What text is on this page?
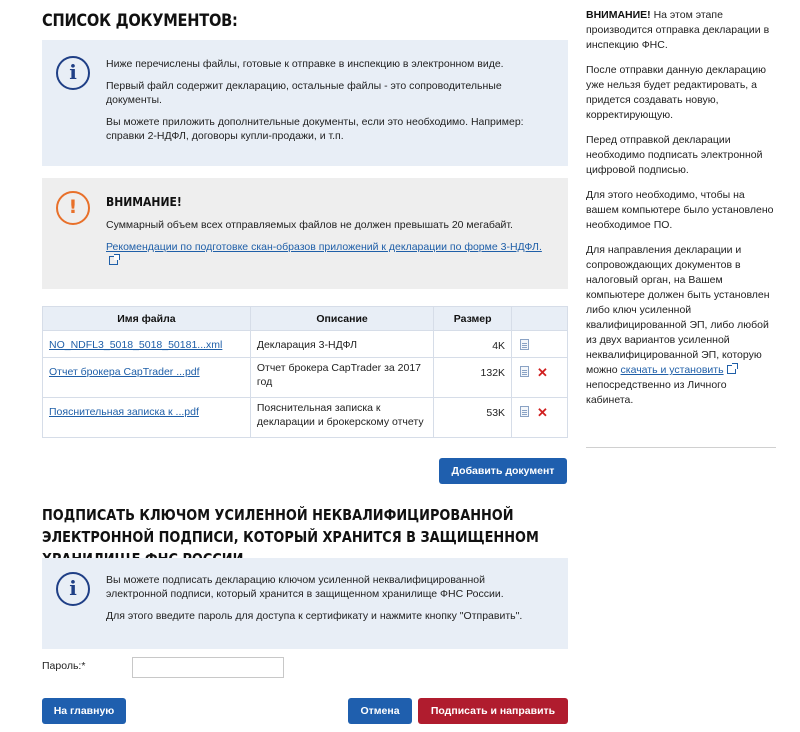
СПИСОК ДОКУМЕНТОВ:
i	Ниже перечислены файлы, готовые к отправке в инспекцию в электронном виде.

Первый файл содержит декларацию, остальные файлы - это сопроводительные документы.

Вы можете приложить дополнительные документы, если это необходимо. Например: справки 2-НДФЛ, договоры купли-продажи, и т.п.

!	ВНИМАНИЕ!

Суммарный объем всех отправляемых файлов не должен превышать 20 мегабайт.

Рекомендации по подготовке скан-образов приложений к декларации по форме 3-НДФЛ.

Имя файла	Описание	Размер	
NO_NDFL3_5018_5018_50181...xml	Декларация 3-НДФЛ	4K	
Отчет брокера CapTrader ...pdf	Отчет брокера CapTrader за 2017 год	132K	✕
Пояснительная записка к ...pdf	Пояснительная записка к декларации и брокерскому отчету	53K	✕
Добавить документ
ПОДПИСАТЬ КЛЮЧОМ УСИЛЕННОЙ НЕКВАЛИФИЦИРОВАННОЙ ЭЛЕКТРОННОЙ ПОДПИСИ, КОТОРЫЙ ХРАНИТСЯ В ЗАЩИЩЕННОМ
i	Вы можете подписать декларацию ключом усиленной неквалифицированной электронной подписи, который хранится в защищенном хранилище ФНС России.

Для этого введите пароль для доступа к сертификату и нажмите кнопку "Отправить".

Пароль:*
На главную	Отмена	Подписать и направить

ВНИМАНИЕ! На этом этапе производится отправка декларации в инспекцию ФНС.

После отправки данную декларацию уже нельзя будет редактировать, а придется создавать новую, корректирующую.

Перед отправкой декларации необходимо подписать электронной цифровой подписью.

Для этого необходимо, чтобы на вашем компьютере было установлено необходимое ПО.

Для направления декларации и сопровождающих документов в налоговый орган, на Вашем компьютере должен быть установлен либо ключ усиленной квалифицированной ЭП, либо любой из двух вариантов усиленной неквалифицированной ЭП, которую можно скачать и установить непосредственно из Личного кабинета.
